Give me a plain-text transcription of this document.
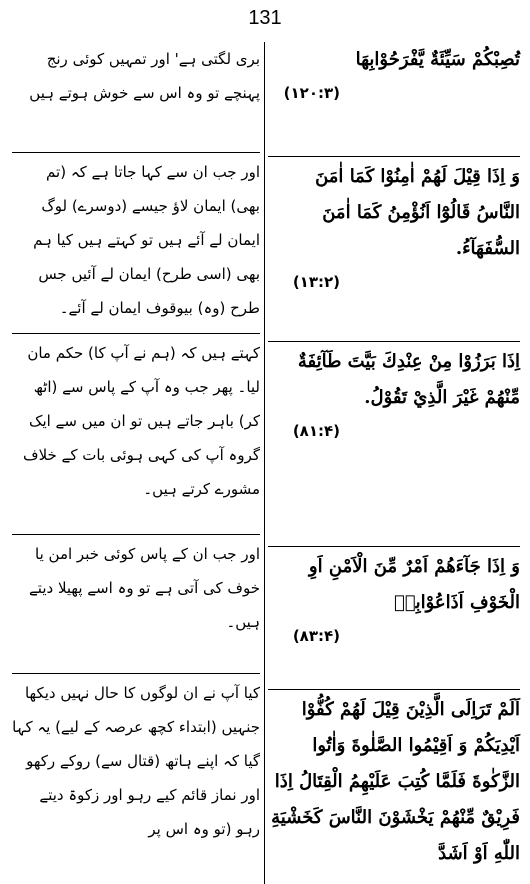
131
تُصِبْكُمْ سَيِّئَةٌ يَّفْرَحُوْابِهَا
(۱۲۰:۳)
وَ اِذَا قِيْلَ لَهُمْ اٰمِنُوْا كَمَا اٰمَنَ النَّاسُ قَالُوْٓا اَنُؤْمِنُ كَمَا اٰمَنَ السُّفَهَآءُ.
(۱۳:۲)
اِذَا بَرَزُوْا مِنْ عِنْدِكَ بَيَّتَ طَآئِفَةٌ مِّنْهُمْ غَيْرَ الَّذِيْ تَقُوْلُ.
(۸۱:۴)
وَ اِذَا جَآءَهُمْ اَمْرٌ مِّنَ الْاَمْنِ اَوِ الْخَوْفِ اَذَاعُوْابِهٖ
(۸۳:۴)
اَلَمْ تَرَاِلَى الَّذِيْنَ قِيْلَ لَهُمْ كُفُّوْا اَيْدِيَكُمْ وَ اَقِيْمُوا الصَّلٰوةَ وَاٰتُوا الزَّكٰوةَ فَلَمَّا كُتِبَ عَلَيْهِمُ الْقِتَالُ اِذَا فَرِيْقٌ مِّنْهُمْ يَخْشَوْنَ النَّاسَ كَخَشْيَةِ اللّٰهِ اَوْ اَشَدَّ
بری لگتی ہے' اور تمہیں کوئی رنج پہنچے تو وہ اس سے خوش ہوتے ہیں
اور جب ان سے کہا جاتا ہے کہ (تم بھی) ایمان لاؤ جیسے (دوسرے) لوگ ایمان لے آئے ہیں تو کہتے ہیں کیا ہم بھی (اسی طرح) ایمان لے آئیں جس طرح (وہ) بیوقوف ایمان لے آئے۔
کہتے ہیں کہ (ہم نے آپ کا) حکم مان لیا۔ پھر جب وہ آپ کے پاس سے (اٹھ کر) باہر جاتے ہیں تو ان میں سے ایک گروہ آپ کی کہی ہوئی بات کے خلاف مشورے کرتے ہیں۔
اور جب ان کے پاس کوئی خبر امن یا خوف کی آتی ہے تو وہ اسے پھیلا دیتے ہیں۔
کیا آپ نے ان لوگوں کا حال نہیں دیکھا جنہیں (ابتداء کچھ عرصہ کے لیے) یہ کہا گیا کہ اپنے ہاتھ (قتال سے) روکے رکھو اور نماز قائم کیے رہو اور زکوۃ دیتے رہو (تو وہ اس پر
